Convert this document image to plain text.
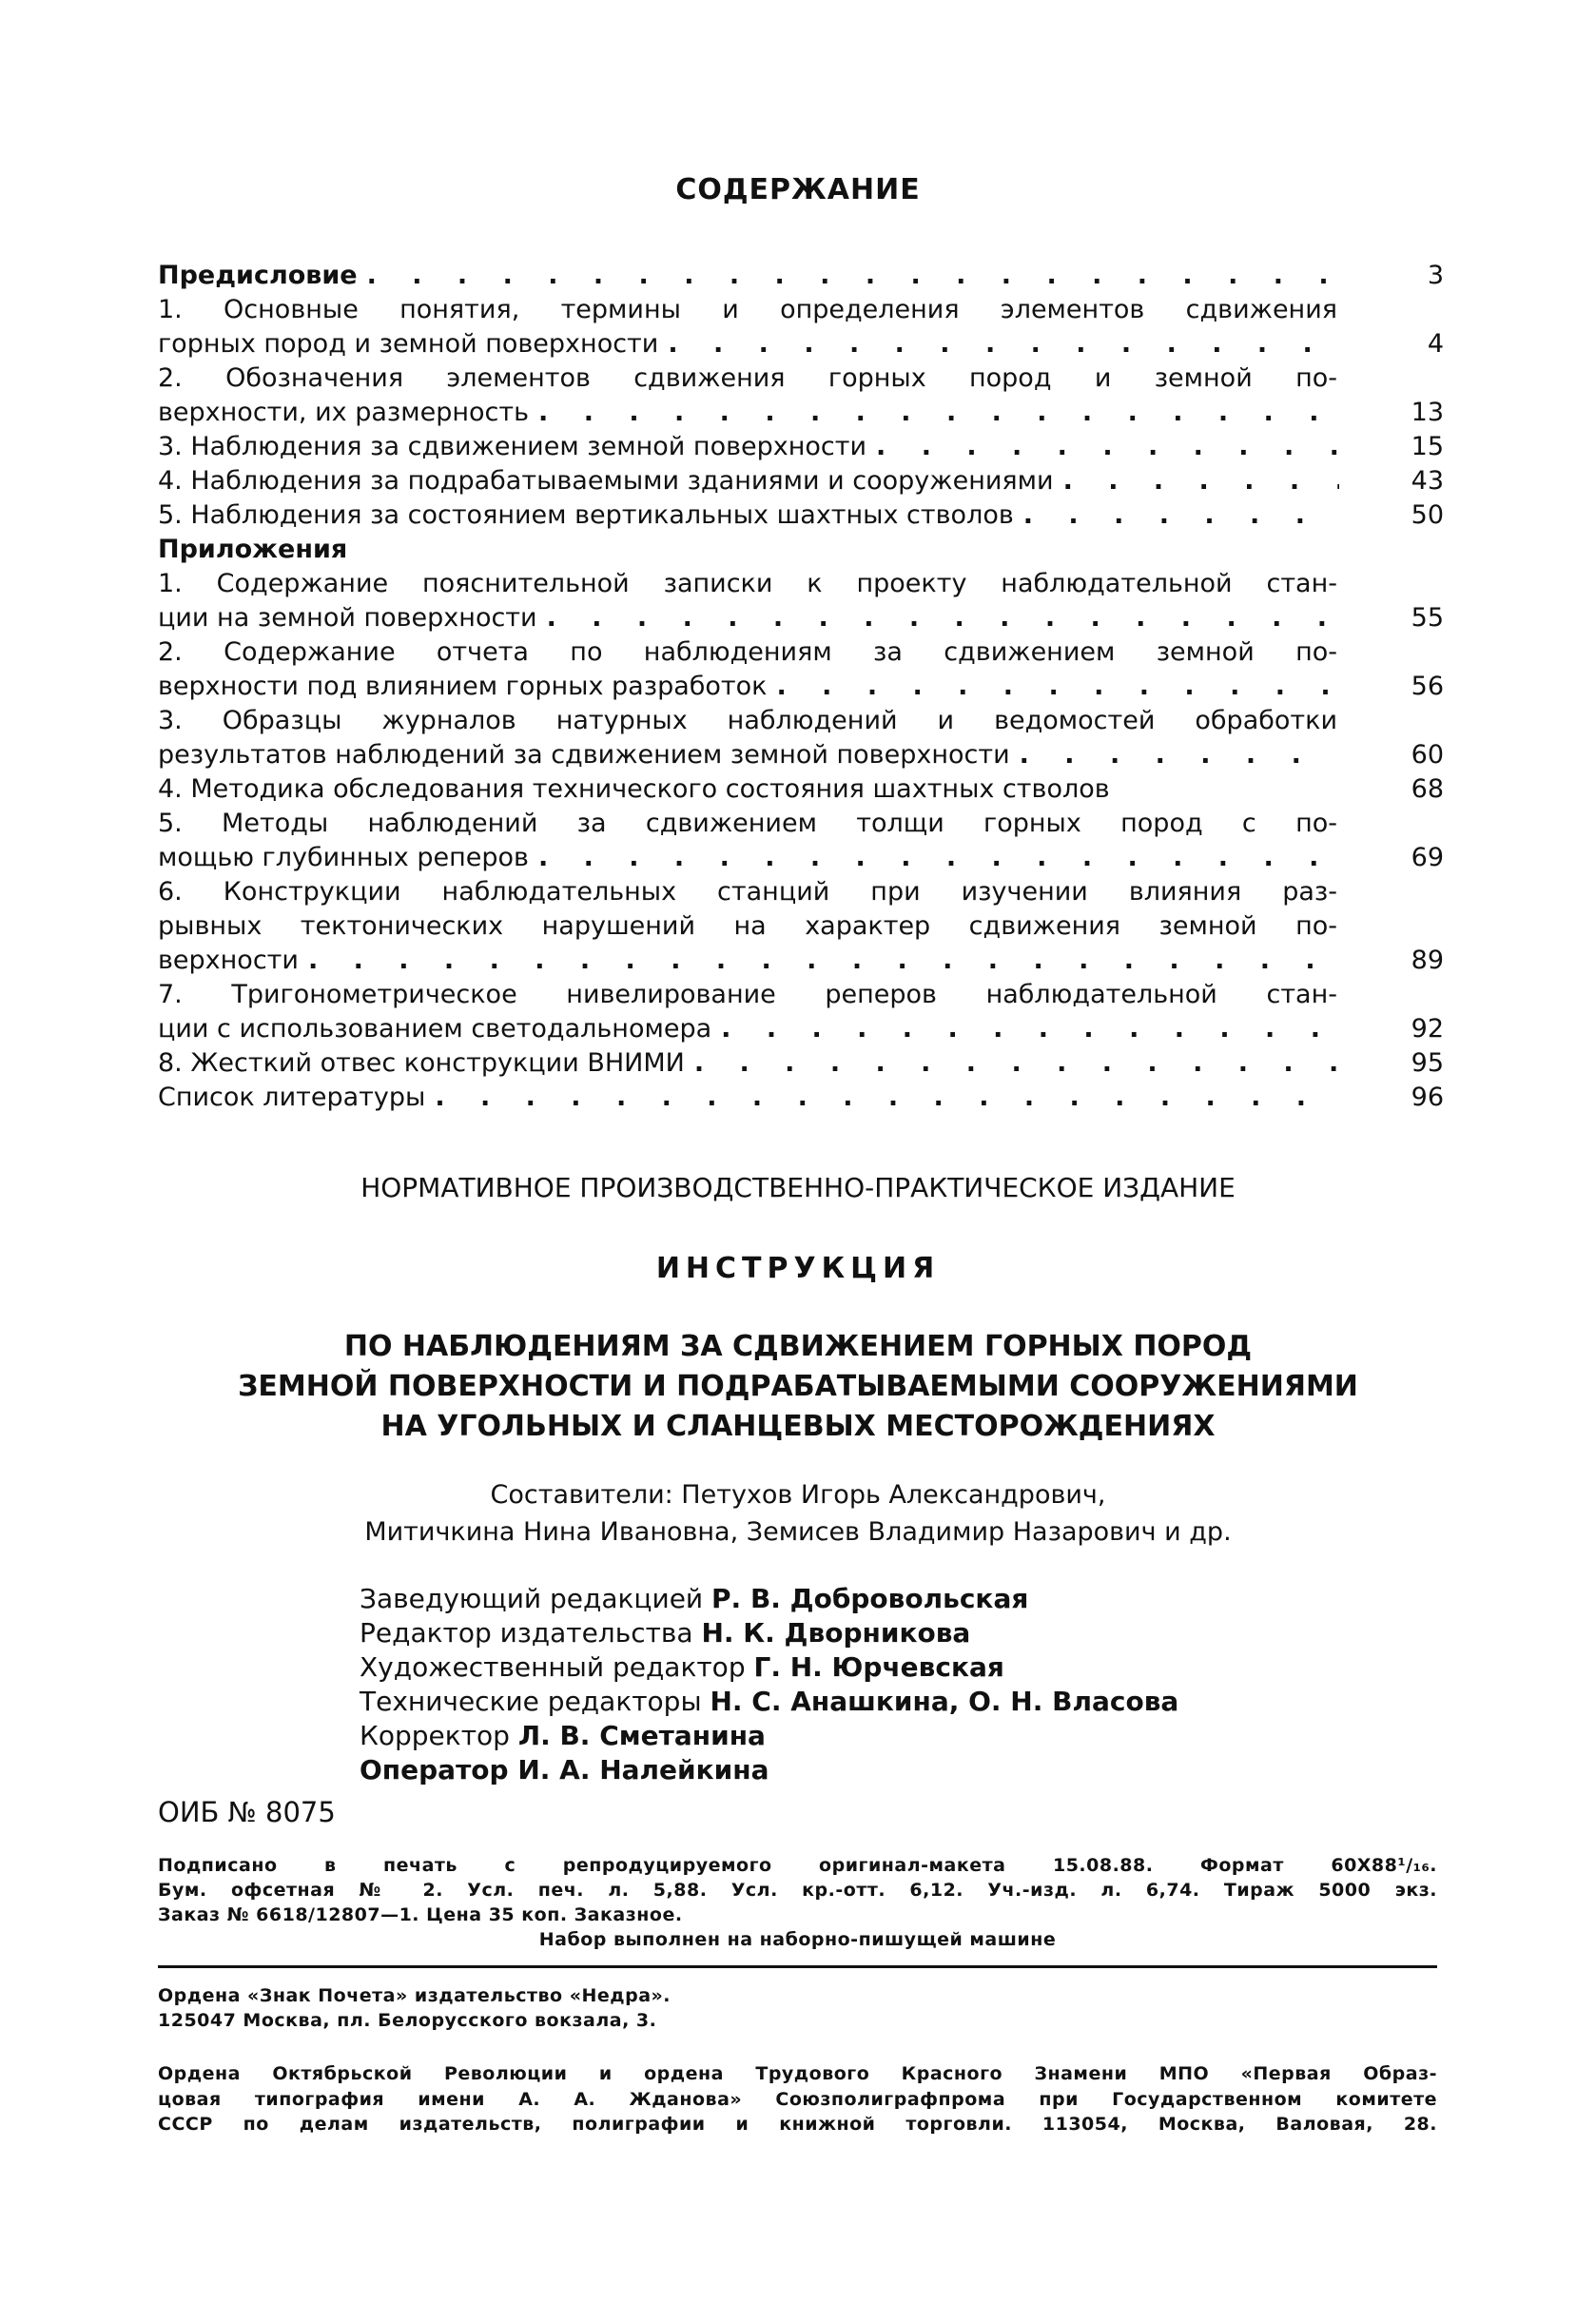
СОДЕРЖАНИЕ
Предисловие . . .	3
1. Основные понятия, термины и определения элементов сдвижения
горных пород и земной поверхности . . .	4
2. Обозначения элементов сдвижения горных пород и земной по-
верхности, их размерность . . .	13
3. Наблюдения за сдвижением земной поверхности . . .	15
4. Наблюдения за подрабатываемыми зданиями и сооружениями . . .	43
5. Наблюдения за состоянием вертикальных шахтных стволов . . .	50
Приложения
1. Содержание пояснительной записки к проекту наблюдательной стан-
ции на земной поверхности . . .	55
2. Содержание отчета по наблюдениям за сдвижением земной по-
верхности под влиянием горных разработок . . .	56
3. Образцы журналов натурных наблюдений и ведомостей обработки
результатов наблюдений за сдвижением земной поверхности . . .	60
4. Методика обследования технического состояния шахтных стволов	68
5. Методы наблюдений за сдвижением толщи горных пород с по-
мощью глубинных реперов . . .	69
6. Конструкции наблюдательных станций при изучении влияния раз-
рывных тектонических нарушений на характер сдвижения земной по-
верхности . . .	89
7. Тригонометрическое нивелирование реперов наблюдательной стан-
ции с использованием светодальномера . . .	92
8. Жесткий отвес конструкции ВНИМИ . . .	95
Список литературы . . .	96
НОРМАТИВНОЕ ПРОИЗВОДСТВЕННО-ПРАКТИЧЕСКОЕ ИЗДАНИЕ
ИНСТРУКЦИЯ
ПО НАБЛЮДЕНИЯМ ЗА СДВИЖЕНИЕМ ГОРНЫХ ПОРОД
ЗЕМНОЙ ПОВЕРХНОСТИ И ПОДРАБАТЫВАЕМЫМИ СООРУЖЕНИЯМИ
НА УГОЛЬНЫХ И СЛАНЦЕВЫХ МЕСТОРОЖДЕНИЯХ
Составители: Петухов Игорь Александрович,
Митичкина Нина Ивановна, Земисев Владимир Назарович и др.
Заведующий редакцией Р. В. Добровольская
Редактор издательства Н. К. Дворникова
Художественный редактор Г. Н. Юрчевская
Технические редакторы Н. С. Анашкина, О. Н. Власова
Корректор Л. В. Сметанина
Оператор И. А. Налейкина
ОИБ № 8075
Подписано в печать с репродуцируемого оригинал-макета 15.08.88. Формат 60Х88¹/₁₆.
Бум. офсетная № 2. Усл. печ. л. 5,88. Усл. кр.-отт. 6,12. Уч.-изд. л. 6,74. Тираж 5000 экз.
Заказ № 6618/12807—1. Цена 35 коп. Заказное.
Набор выполнен на наборно-пишущей машине
Ордена «Знак Почета» издательство «Недра».
125047 Москва, пл. Белорусского вокзала, 3.
Ордена Октябрьской Революции и ордена Трудового Красного Знамени МПО «Первая Образ-
цовая типография имени А. А. Жданова» Союзполиграфпрома при Государственном комитете
СССР по делам издательств, полиграфии и книжной торговли. 113054, Москва, Валовая, 28.
